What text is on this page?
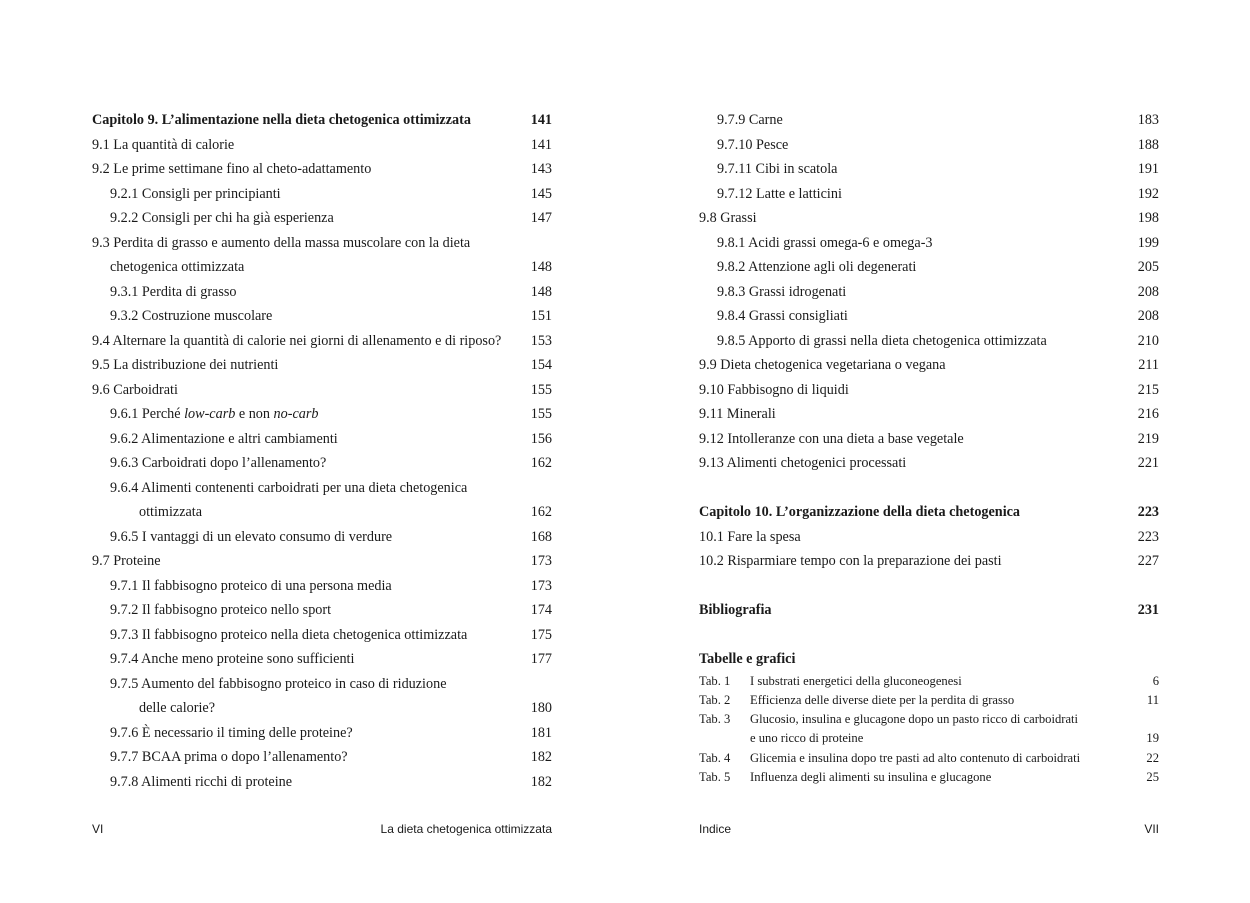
Capitolo 9. L’alimentazione nella dieta chetogenica ottimizzata	141
9.1 La quantità di calorie	141
9.2 Le prime settimane fino al cheto-adattamento	143
9.2.1 Consigli per principianti	145
9.2.2 Consigli per chi ha già esperienza	147
9.3 Perdita di grasso e aumento della massa muscolare con la dieta
chetogenica ottimizzata	148
9.3.1 Perdita di grasso	148
9.3.2 Costruzione muscolare	151
9.4 Alternare la quantità di calorie nei giorni di allenamento e di riposo?	153
9.5 La distribuzione dei nutrienti	154
9.6 Carboidrati	155
9.6.1 Perché low-carb e non no-carb	155
9.6.2 Alimentazione e altri cambiamenti	156
9.6.3 Carboidrati dopo l’allenamento?	162
9.6.4 Alimenti contenenti carboidrati per una dieta chetogenica
ottimizzata	162
9.6.5 I vantaggi di un elevato consumo di verdure	168
9.7 Proteine	173
9.7.1 Il fabbisogno proteico di una persona media	173
9.7.2 Il fabbisogno proteico nello sport	174
9.7.3 Il fabbisogno proteico nella dieta chetogenica ottimizzata	175
9.7.4 Anche meno proteine sono sufficienti	177
9.7.5 Aumento del fabbisogno proteico in caso di riduzione
delle calorie?	180
9.7.6 È necessario il timing delle proteine?	181
9.7.7 BCAA prima o dopo l’allenamento?	182
9.7.8 Alimenti ricchi di proteine	182
VI	La dieta chetogenica ottimizzata
9.7.9 Carne	183
9.7.10 Pesce	188
9.7.11 Cibi in scatola	191
9.7.12 Latte e latticini	192
9.8 Grassi	198
9.8.1 Acidi grassi omega-6 e omega-3	199
9.8.2 Attenzione agli oli degenerati	205
9.8.3 Grassi idrogenati	208
9.8.4 Grassi consigliati	208
9.8.5 Apporto di grassi nella dieta chetogenica ottimizzata	210
9.9 Dieta chetogenica vegetariana o vegana	211
9.10 Fabbisogno di liquidi	215
9.11 Minerali	216
9.12 Intolleranze con una dieta a base vegetale	219
9.13 Alimenti chetogenici processati	221
Capitolo 10. L’organizzazione della dieta chetogenica	223
10.1 Fare la spesa	223
10.2 Risparmiare tempo con la preparazione dei pasti	227
Bibliografia	231
Tabelle e grafici
Tab. 1	I substrati energetici della gluconeogenesi	6
Tab. 2	Efficienza delle diverse diete per la perdita di grasso	11
Tab. 3	Glucosio, insulina e glucagone dopo un pasto ricco di carboidrati
e uno ricco di proteine	19
Tab. 4	Glicemia e insulina dopo tre pasti ad alto contenuto di carboidrati	22
Tab. 5	Influenza degli alimenti su insulina e glucagone	25
Indice	VII
